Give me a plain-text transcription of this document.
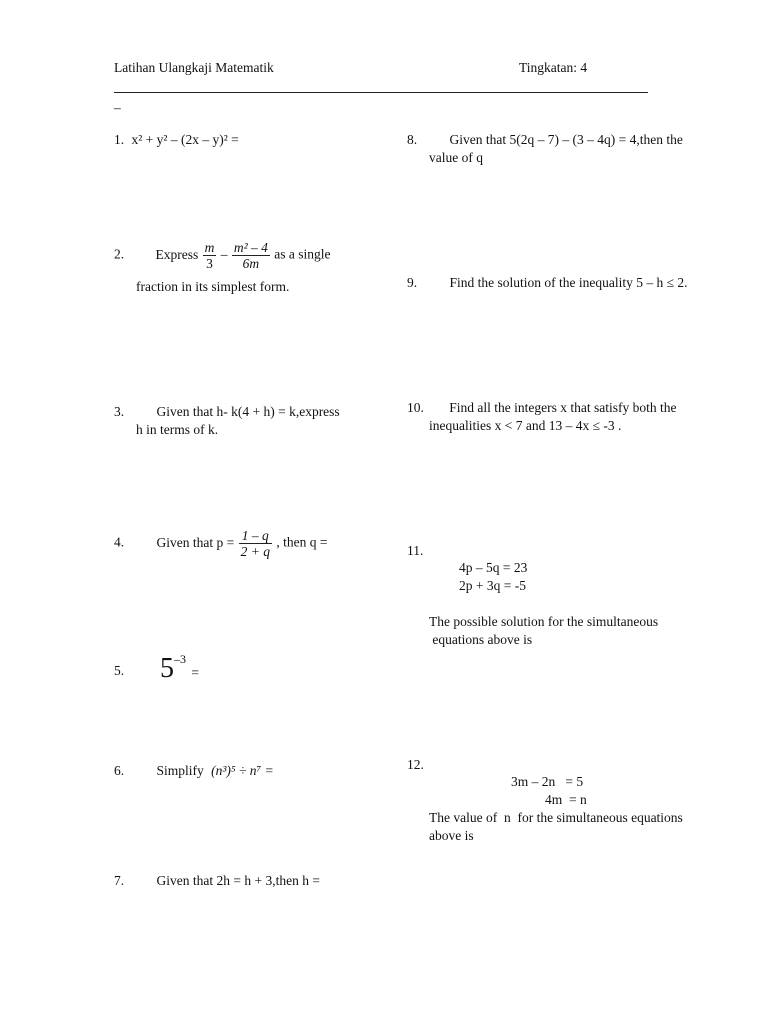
Latihan Ulangkaji Matematik	Tingkatan: 4
–
1. x² + y² – (2x – y)² =
2. Express $\frac{m}{3} - \frac{\text{m² – 4}}{6m}$ as a single
fraction in its simplest form.
3. Given that h- k(4 + h) = k,express
h in terms of k.
4. Given that $p = \frac{1 - q}{2 + q}$ , then q =
5. $5^{-3}$ =
6. Simplify (n³)⁵ ÷ n⁷ =
7. Given that 2h = h + 3,then h =
8. Given that 5(2q – 7) – (3 – 4q) = 4,then the
value of q
9. Find the solution of the inequality 5 – h ≤ 2.
10. Find all the integers x that satisfy both the
inequalities x < 7 and 13 – 4x ≤ -3 .
11.
4p – 5q = 23
2p + 3q = -5
The possible solution for the simultaneous
equations above is
12.
3m – 2n   = 5
4m  = n
The value of  n  for the simultaneous equations
above is
